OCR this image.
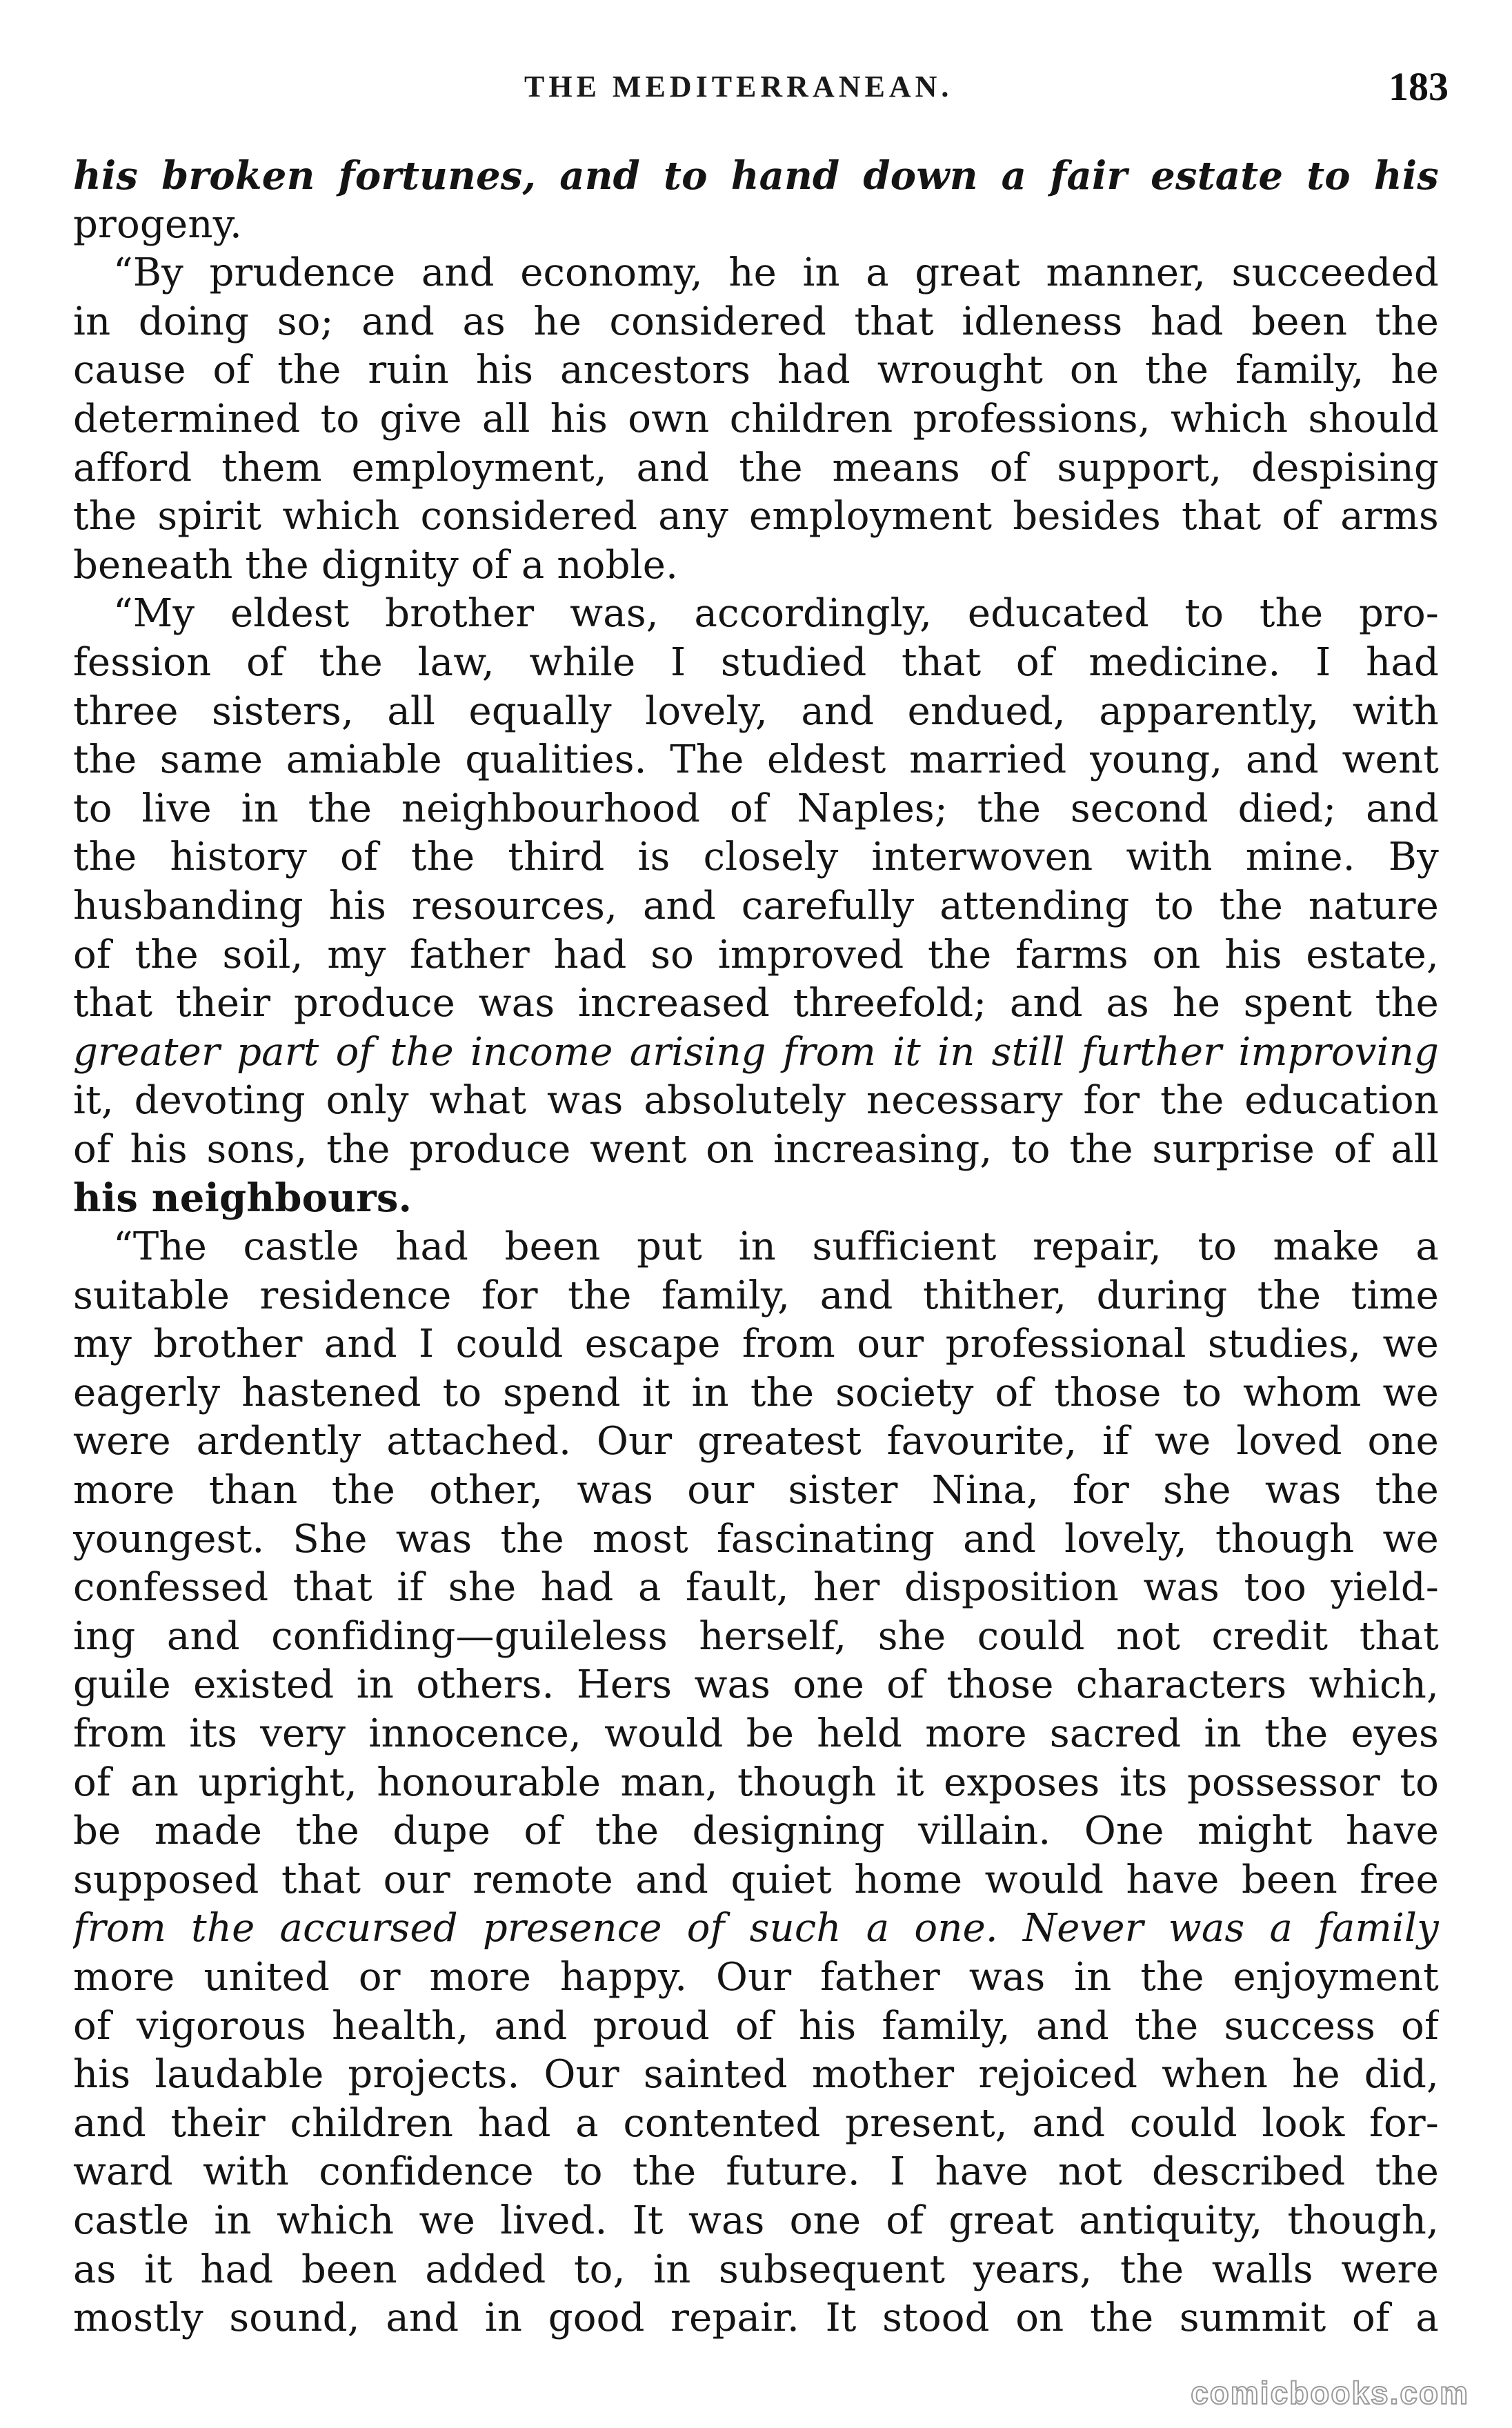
THE MEDITERRANEAN.	183
his broken fortunes, and to hand down a fair estate to his
progeny.
“By prudence and economy, he in a great manner, succeeded
in doing so; and as he considered that idleness had been the
cause of the ruin his ancestors had wrought on the family, he
determined to give all his own children professions, which should
afford them employment, and the means of support, despising
the spirit which considered any employment besides that of arms
beneath the dignity of a noble.
“My eldest brother was, accordingly, educated to the pro-
fession of the law, while I studied that of medicine. I had
three sisters, all equally lovely, and endued, apparently, with
the same amiable qualities. The eldest married young, and went
to live in the neighbourhood of Naples; the second died; and
the history of the third is closely interwoven with mine. By
husbanding his resources, and carefully attending to the nature
of the soil, my father had so improved the farms on his estate,
that their produce was increased threefold; and as he spent the
greater part of the income arising from it in still further improving
it, devoting only what was absolutely necessary for the education
of his sons, the produce went on increasing, to the surprise of all
his neighbours.
“The castle had been put in sufficient repair, to make a
suitable residence for the family, and thither, during the time
my brother and I could escape from our professional studies, we
eagerly hastened to spend it in the society of those to whom we
were ardently attached. Our greatest favourite, if we loved one
more than the other, was our sister Nina, for she was the
youngest. She was the most fascinating and lovely, though we
confessed that if she had a fault, her disposition was too yield-
ing and confiding—guileless herself, she could not credit that
guile existed in others. Hers was one of those characters which,
from its very innocence, would be held more sacred in the eyes
of an upright, honourable man, though it exposes its possessor to
be made the dupe of the designing villain. One might have
supposed that our remote and quiet home would have been free
from the accursed presence of such a one. Never was a family
more united or more happy. Our father was in the enjoyment
of vigorous health, and proud of his family, and the success of
his laudable projects. Our sainted mother rejoiced when he did,
and their children had a contented present, and could look for-
ward with confidence to the future. I have not described the
castle in which we lived. It was one of great antiquity, though,
as it had been added to, in subsequent years, the walls were
mostly sound, and in good repair. It stood on the summit of a
comicbooks.com
